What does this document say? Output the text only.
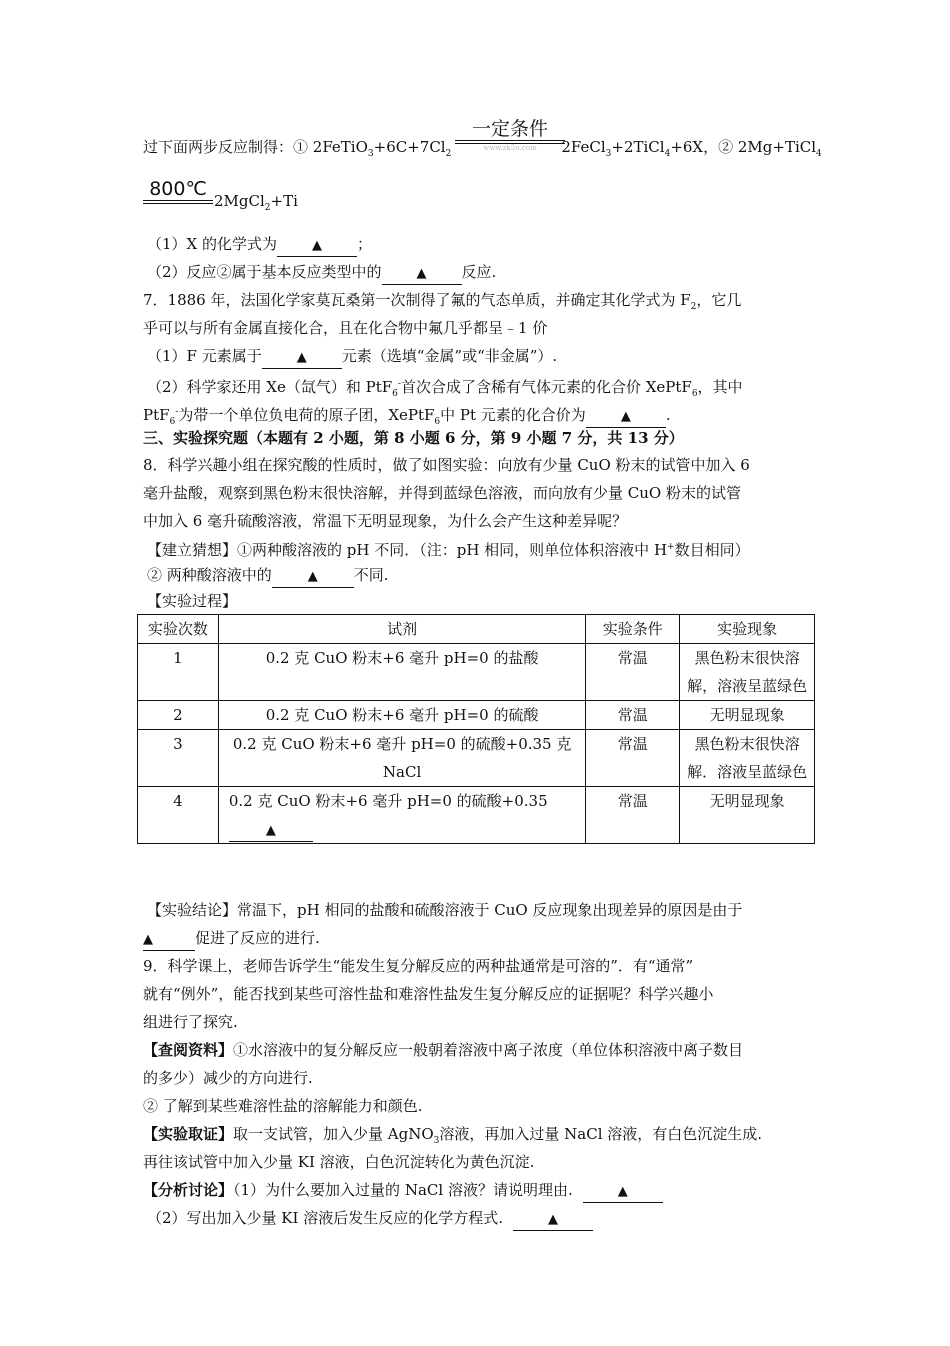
过下面两步反应制得：① $2FeTiO_3+6C+7Cl_2$	2FeCl$_3$+2TiCl$_4$+6X，② 2Mg+TiCl$_4$
一定条件
www.zk5u.com
800℃
2MgCl$_2$+Ti
（1）X 的化学式为	▲ ；
（2）反应②属于基本反应类型中的	▲ 反应.
7．1886 年，法国化学家莫瓦桑第一次制得了氟的气态单质，并确定其化学式为 $F_2$，它几
乎可以与所有金属直接化合，且在化合物中氟几乎都呈﹣1 价
（1）F 元素属于	▲ 元素（选填“金属”或“非金属”）.
（2）科学家还用 Xe（氙气）和 PtF$_6$-首次合成了含稀有气体元素的化合价 XePtF$_6$，其中
PtF$_6$-为带一个单位负电荷的原子团，XePtF$_6$中 Pt 元素的化合价为	▲ .
三、实验探究题（本题有 2 小题，第 8 小题 6 分，第 9 小题 7 分，共 13 分）
8．科学兴趣小组在探究酸的性质时，做了如图实验：向放有少量 CuO 粉末的试管中加入 6
毫升盐酸，观察到黑色粉末很快溶解，并得到蓝绿色溶液，而向放有少量 CuO 粉末的试管
中加入 6 毫升硫酸溶液，常温下无明显现象，为什么会产生这种差异呢？
【建立猜想】①两种酸溶液的 pH 不同．（注：pH 相同，则单位体积溶液中 H+数目相同）
② 两种酸溶液中的	▲ 不同.
【实验过程】
实验次数	试剂	实验条件	实验现象
1	0.2 克 CuO 粉末+6 毫升 pH=0 的盐酸	常温	黑色粉末很快溶解，溶液呈蓝绿色
2	0.2 克 CuO 粉末+6 毫升 pH=0 的硫酸	常温	无明显现象
3	0.2 克 CuO 粉末+6 毫升 pH=0 的硫酸+0.35 克 NaCl	常温	黑色粉末很快溶解．溶液呈蓝绿色
4	0.2 克 CuO 粉末+6 毫升 pH=0 的硫酸+0.35▲	常温	无明显现象
【实验结论】常温下，pH 相同的盐酸和硫酸溶液于 CuO 反应现象出现差异的原因是由于
▲	促进了反应的进行.
9．科学课上，老师告诉学生“能发生复分解反应的两种盐通常是可溶的”．有“通常”
就有“例外”，能否找到某些可溶性盐和难溶性盐发生复分解反应的证据呢？科学兴趣小
组进行了探究.
【查阅资料】①水溶液中的复分解反应一般朝着溶液中离子浓度（单位体积溶液中离子数目
的多少）减少的方向进行.
② 了解到某些难溶性盐的溶解能力和颜色.
【实验取证】取一支试管，加入少量 AgNO$_3$溶液，再加入过量 NaCl 溶液，有白色沉淀生成.
再往该试管中加入少量 KI 溶液，白色沉淀转化为黄色沉淀.
【分析讨论】（1）为什么要加入过量的 NaCl 溶液？请说明理由.	▲
（2）写出加入少量 KI 溶液后发生反应的化学方程式.	▲
